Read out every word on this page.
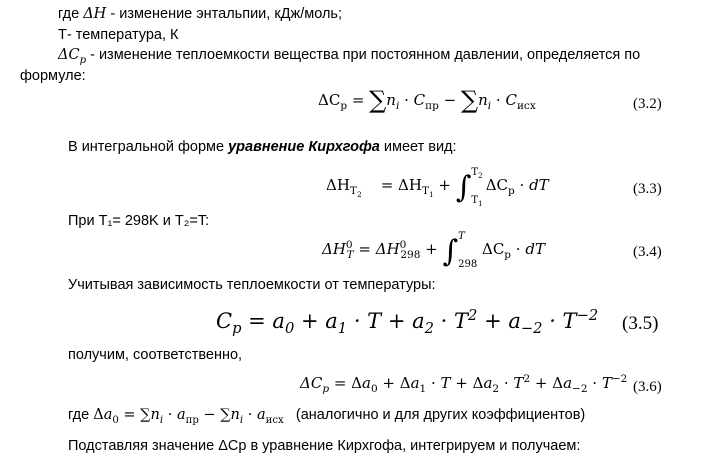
где ΔH - изменение энтальпии, кДж/моль;
Т- температура, К
$\Delta C_p$ - изменение теплоемкости вещества при постоянном давлении, определяется по
формуле:
$\Delta C_p = \sum n_i \cdot C_{пр} - \sum n_i \cdot C_{исх}$	(3.2)
В интегральной форме уравнение Кирхгофа имеет вид:
$\Delta H_{T_2}$    = $\Delta H_{T_1}$ + ∫ $T_2$
$T_1$
$\Delta C_p$ · dT	(3.3)
При T₁= 298K и T₂=T:
$\Delta H^0_T = \Delta H^0_{298}$ + ∫ T
298
$\Delta C_p$ · dT	(3.4)
Учитывая зависимость теплоемкости от температуры:
$C_p = a_0 + a_1 \cdot T + a_2 \cdot T^2 + a_{-2} \cdot T^{-2}$ (3.5)
получим, соответственно,
$\Delta C_p = \Delta a_0 + \Delta a_1 \cdot T + \Delta a_2 \cdot T^2 + \Delta a_{-2} \cdot T^{-2}$ (3.6)
где $\Delta a_0 = \sum n_i \cdot a_{пр} - \sum n_i \cdot a_{исх}$ (аналогично и для других коэффициентов)
Подставляя значение ΔCp в уравнение Кирхгофа, интегрируем и получаем:
